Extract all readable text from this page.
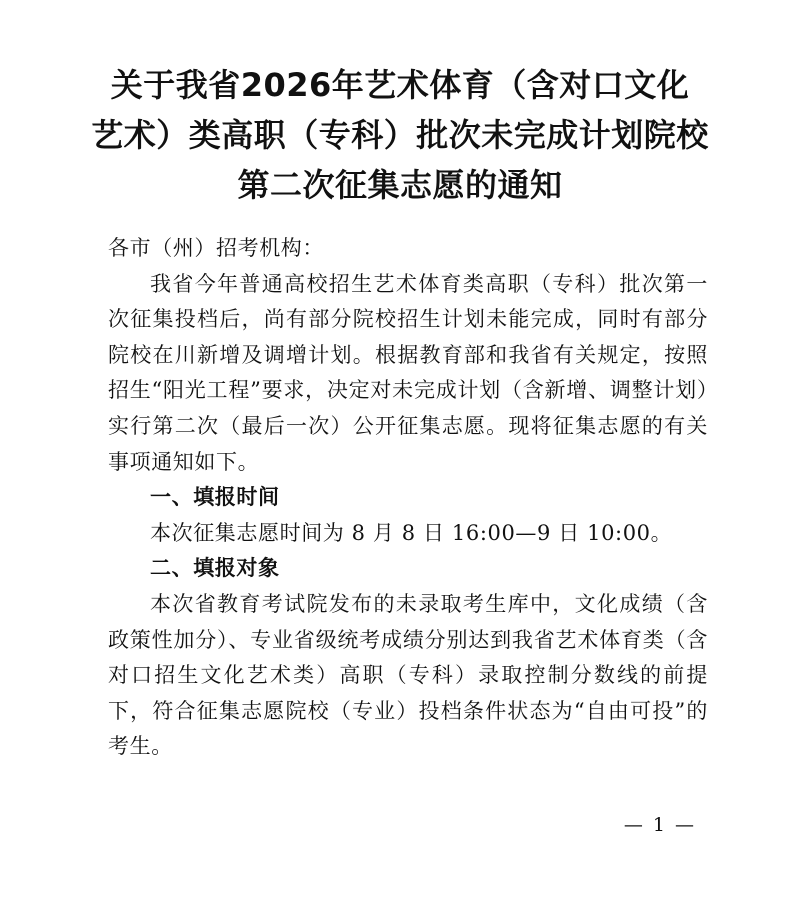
关于我省2026年艺术体育（含对口文化
艺术）类高职（专科）批次未完成计划院校
第二次征集志愿的通知

各市（州）招考机构：

我省今年普通高校招生艺术体育类高职（专科）批次第一次征集投档后，尚有部分院校招生计划未能完成，同时有部分院校在川新增及调增计划。根据教育部和我省有关规定，按照招生“阳光工程”要求，决定对未完成计划（含新增、调整计划）实行第二次（最后一次）公开征集志愿。现将征集志愿的有关事项通知如下。

一、填报时间

本次征集志愿时间为 8 月 8 日 16:00—9 日 10:00。

二、填报对象

本次省教育考试院发布的未录取考生库中，文化成绩（含政策性加分）、专业省级统考成绩分别达到我省艺术体育类（含对口招生文化艺术类）高职（专科）录取控制分数线的前提下，符合征集志愿院校（专业）投档条件状态为“自由可投”的考生。

— 1 —
